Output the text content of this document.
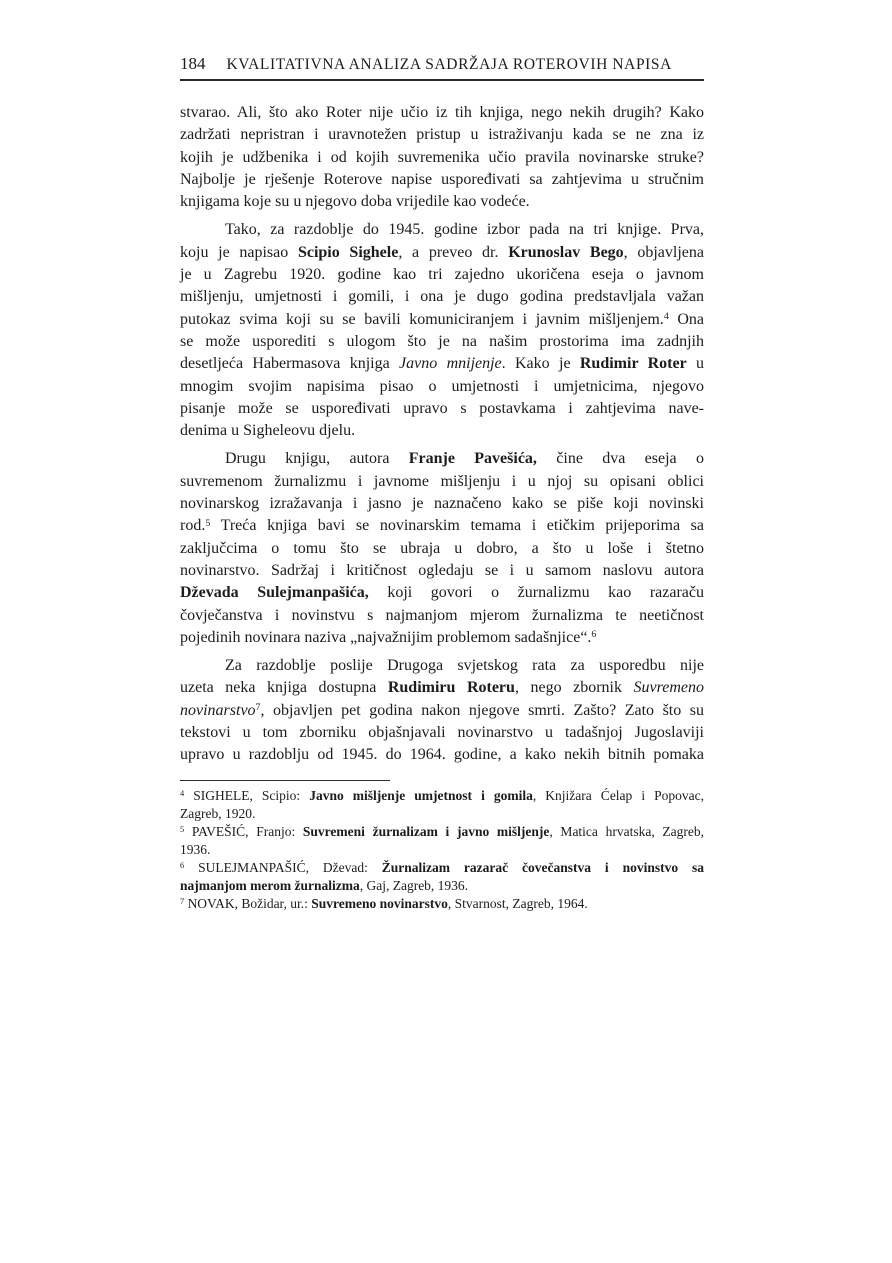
184 KVALITATIVNA ANALIZA SADRŽAJA ROTEROVIH NAPISA
stvarao. Ali, što ako Roter nije učio iz tih knjiga, nego nekih drugih? Kako
zadržati nepristran i uravnotežen pristup u istraživanju kada se ne zna iz
kojih je udžbenika i od kojih suvremenika učio pravila novinarske struke?
Najbolje je rješenje Roterove napise uspoređivati sa zahtjevima u stručnim
knjigama koje su u njegovo doba vrijedile kao vodeće.
Tako, za razdoblje do 1945. godine izbor pada na tri knjige. Prva,
koju je napisao Scipio Sighele, a preveo dr. Krunoslav Bego, objavljena
je u Zagrebu 1920. godine kao tri zajedno ukoričena eseja o javnom
mišljenju, umjetnosti i gomili, i ona je dugo godina predstavljala važan
putokaz svima koji su se bavili komuniciranjem i javnim mišljenjem.$^4$ Ona
se može usporediti s ulogom što je na našim prostorima ima zadnjih
desetljeća Habermasova knjiga Javno mnijenje. Kako je Rudimir Roter u
mnogim svojim napisima pisao o umjetnosti i umjetnicima, njegovo
pisanje može se uspoređivati upravo s postavkama i zahtjevima nave-
denima u Sigheleovu djelu.
Drugu knjigu, autora Franje Pavešića, čine dva eseja o
suvremenom žurnalizmu i javnome mišljenju i u njoj su opisani oblici
novinarskog izražavanja i jasno je naznačeno kako se piše koji novinski
rod.$^5$ Treća knjiga bavi se novinarskim temama i etičkim prijeporima sa
zaključcima o tomu što se ubraja u dobro, a što u loše i štetno
novinarstvo. Sadržaj i kritičnost ogledaju se i u samom naslovu autora
Dževada Sulejmanpašića, koji govori o žurnalizmu kao razaraču
čovječanstva i novinstvu s najmanjom mjerom žurnalizma te neetičnost
pojedinih novinara naziva „najvažnijim problemom sadašnjice“.$^6$
Za razdoblje poslije Drugoga svjetskog rata za usporedbu nije
uzeta neka knjiga dostupna Rudimiru Roteru, nego zbornik Suvremeno
novinarstvo$^7$, objavljen pet godina nakon njegove smrti. Zašto? Zato što su
tekstovi u tom zborniku objašnjavali novinarstvo u tadašnjoj Jugoslaviji
upravo u razdoblju od 1945. do 1964. godine, a kako nekih bitnih pomaka
$^4$ SIGHELE, Scipio: Javno mišljenje umjetnost i gomila, Knjižara Ćelap i Popovac,
Zagreb, 1920.
$^5$ PAVEŠIĆ, Franjo: Suvremeni žurnalizam i javno mišljenje, Matica hrvatska, Zagreb,
1936.
$^6$ SULEJMANPAŠIĆ, Dževad: Žurnalizam razarač čovečanstva i novinstvo sa
najmanjom merom žurnalizma, Gaj, Zagreb, 1936.
$^7$ NOVAK, Božidar, ur.: Suvremeno novinarstvo, Stvarnost, Zagreb, 1964.
